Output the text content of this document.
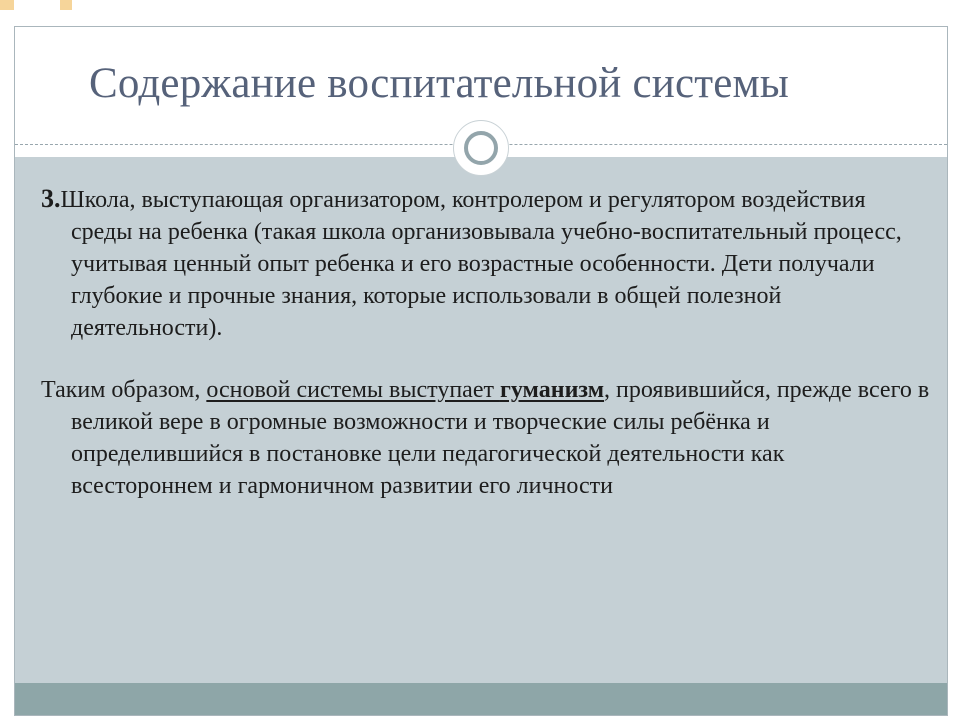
Содержание воспитательной системы

3.Школа, выступающая организатором, контролером и регулятором воздействия среды на ребенка (такая школа организовывала учебно-воспитательный процесс, учитывая ценный опыт ребенка и его возрастные особенности. Дети получали глубокие и прочные знания, которые использовали в общей полезной деятельности).

Таким образом, основой системы выступает гуманизм, проявившийся, прежде всего в великой вере в огромные возможности и творческие силы ребёнка и определившийся в постановке цели педагогической деятельности как всестороннем и гармоничном развитии его личности
